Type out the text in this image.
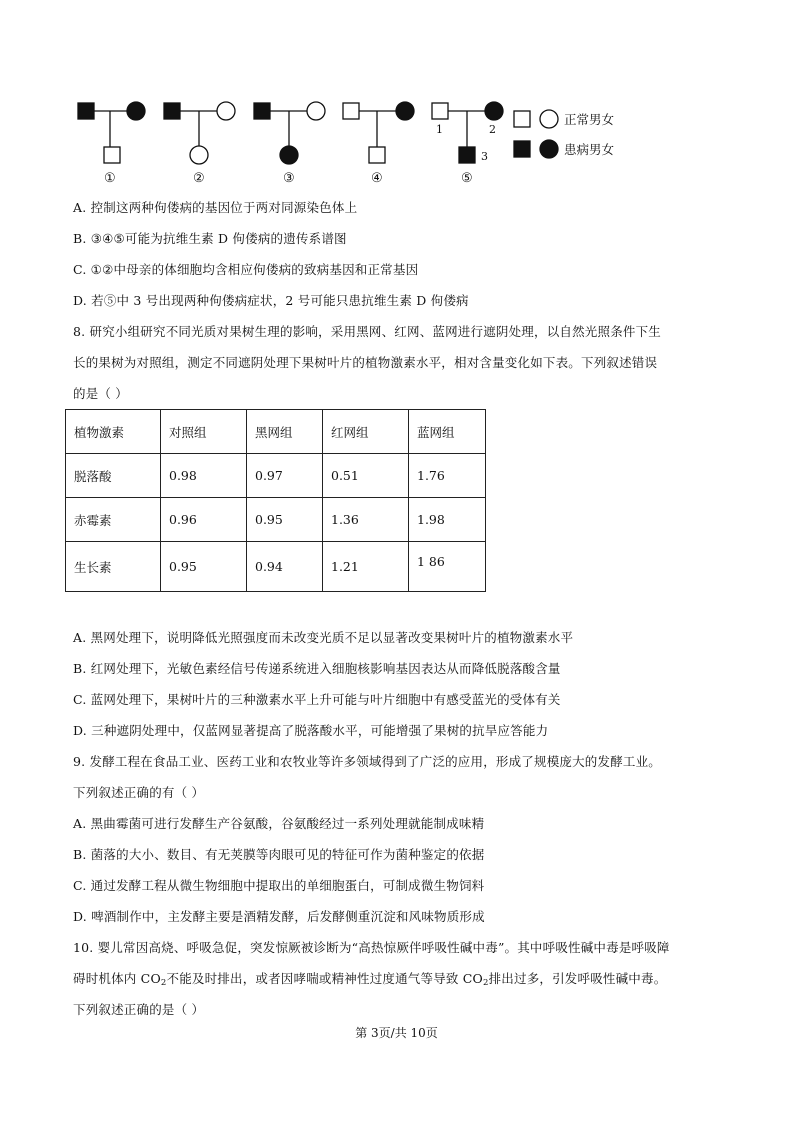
①	②	③	④	⑤
1	2
3
正常男女
患病男女
A. 控制这两种佝偻病的基因位于两对同源染色体上
B. ③④⑤可能为抗维生素 D 佝偻病的遗传系谱图
C. ①②中母亲的体细胞均含相应佝偻病的致病基因和正常基因
D. 若⑤中 3 号出现两种佝偻病症状，2 号可能只患抗维生素 D 佝偻病
8. 研究小组研究不同光质对果树生理的影响，采用黑网、红网、蓝网进行遮阴处理，以自然光照条件下生
长的果树为对照组，测定不同遮阴处理下果树叶片的植物激素水平，相对含量变化如下表。下列叙述错误
的是（ ）
植物激素	对照组	黑网组	红网组	蓝网组
脱落酸	0.98	0.97	0.51	1.76
赤霉素	0.96	0.95	1.36	1.98
生长素	0.95	0.94	1.21	1 86
A. 黑网处理下，说明降低光照强度而未改变光质不足以显著改变果树叶片的植物激素水平
B. 红网处理下，光敏色素经信号传递系统进入细胞核影响基因表达从而降低脱落酸含量
C. 蓝网处理下，果树叶片的三种激素水平上升可能与叶片细胞中有感受蓝光的受体有关
D. 三种遮阴处理中，仅蓝网显著提高了脱落酸水平，可能增强了果树的抗旱应答能力
9. 发酵工程在食品工业、医药工业和农牧业等许多领域得到了广泛的应用，形成了规模庞大的发酵工业。
下列叙述正确的有（ ）
A. 黑曲霉菌可进行发酵生产谷氨酸，谷氨酸经过一系列处理就能制成味精
B. 菌落的大小、数目、有无荚膜等肉眼可见的特征可作为菌种鉴定的依据
C. 通过发酵工程从微生物细胞中提取出的单细胞蛋白，可制成微生物饲料
D. 啤酒制作中，主发酵主要是酒精发酵，后发酵侧重沉淀和风味物质形成
10. 婴儿常因高烧、呼吸急促，突发惊厥被诊断为“高热惊厥伴呼吸性碱中毒”。其中呼吸性碱中毒是呼吸障
碍时机体内 $CO_2$不能及时排出，或者因哮喘或精神性过度通气等导致 $CO_2$排出过多，引发呼吸性碱中毒。
下列叙述正确的是（ ）
第 3页/共 10页
